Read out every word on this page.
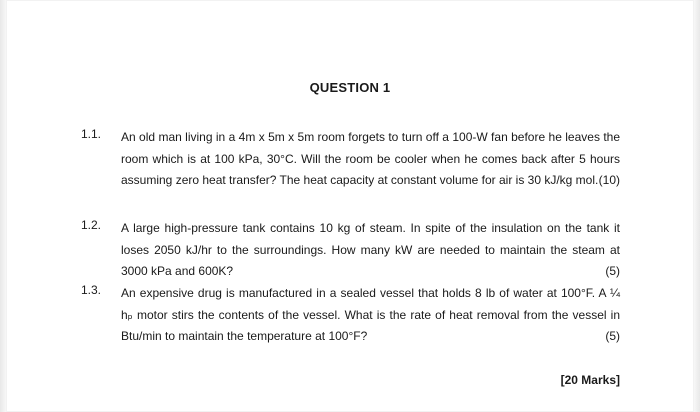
QUESTION 1
1.1. An old man living in a 4m x 5m x 5m room forgets to turn off a 100-W fan before he leaves the room which is at 100 kPa, 30°C. Will the room be cooler when he comes back after 5 hours assuming zero heat transfer? The heat capacity at constant volume for air is 30 kJ/kg mol. (10)
1.2. A large high-pressure tank contains 10 kg of steam. In spite of the insulation on the tank it loses 2050 kJ/hr to the surroundings. How many kW are needed to maintain the steam at 3000 kPa and 600K?	(5)
1.3. An expensive drug is manufactured in a sealed vessel that holds 8 lb of water at 100°F. A ¼ hₚ motor stirs the contents of the vessel. What is the rate of heat removal from the vessel in Btu/min to maintain the temperature at 100°F?	(5)
[20 Marks]
